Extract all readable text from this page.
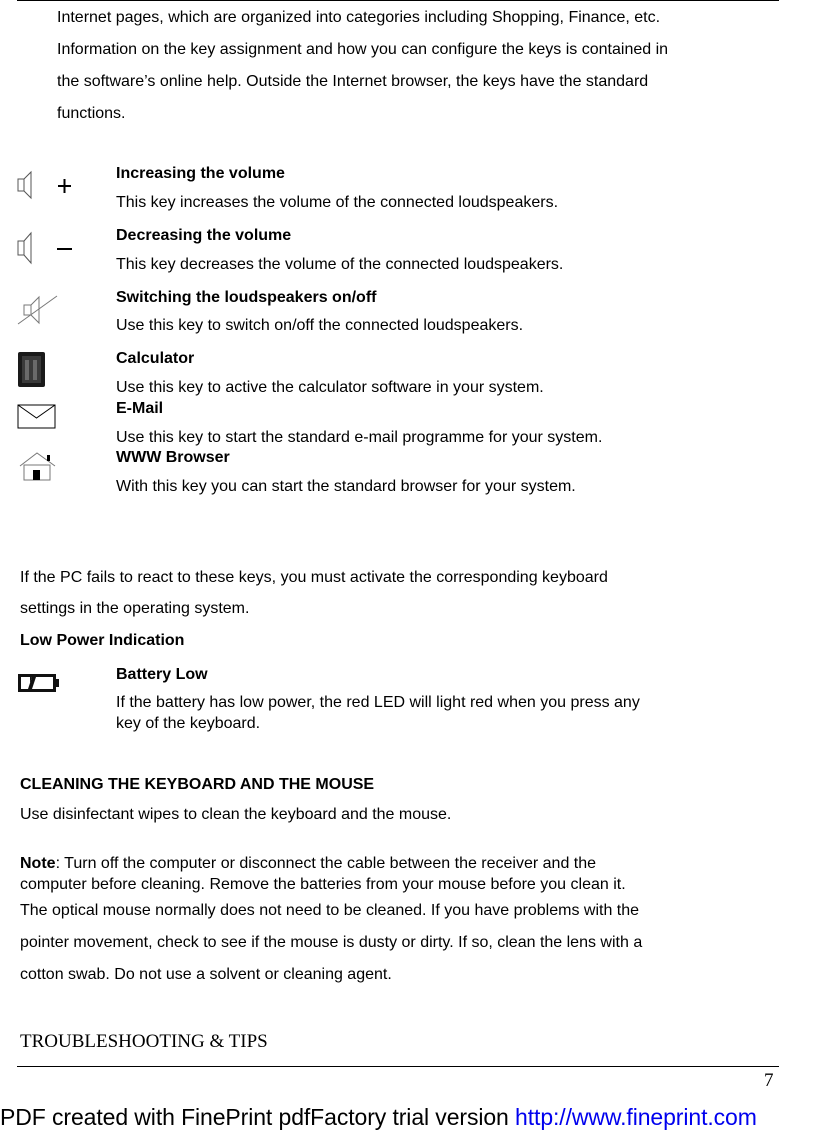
Internet pages, which are organized into categories including Shopping, Finance, etc.
Information on the key assignment and how you can configure the keys is contained in
the software’s online help. Outside the Internet browser, the keys have the standard
functions.
Increasing the volume
This key increases the volume of the connected loudspeakers.
Decreasing the volume
This key decreases the volume of the connected loudspeakers.
Switching the loudspeakers on/off
Use this key to switch on/off the connected loudspeakers.
Calculator
Use this key to active the calculator software in your system.
E-Mail
Use this key to start the standard e-mail programme for your system.
WWW Browser
With this key you can start the standard browser for your system.
If the PC fails to react to these keys, you must activate the corresponding keyboard
settings in the operating system.
Low Power Indication
Battery Low
If the battery has low power, the red LED will light red when you press any
key of the keyboard.
CLEANING THE KEYBOARD AND THE MOUSE
Use disinfectant wipes to clean the keyboard and the mouse.
Note: Turn off the computer or disconnect the cable between the receiver and the
computer before cleaning. Remove the batteries from your mouse before you clean it.
The optical mouse normally does not need to be cleaned. If you have problems with the
pointer movement, check to see if the mouse is dusty or dirty. If so, clean the lens with a
cotton swab. Do not use a solvent or cleaning agent.
TROUBLESHOOTING & TIPS
7
PDF created with FinePrint pdfFactory trial version http://www.fineprint.com
